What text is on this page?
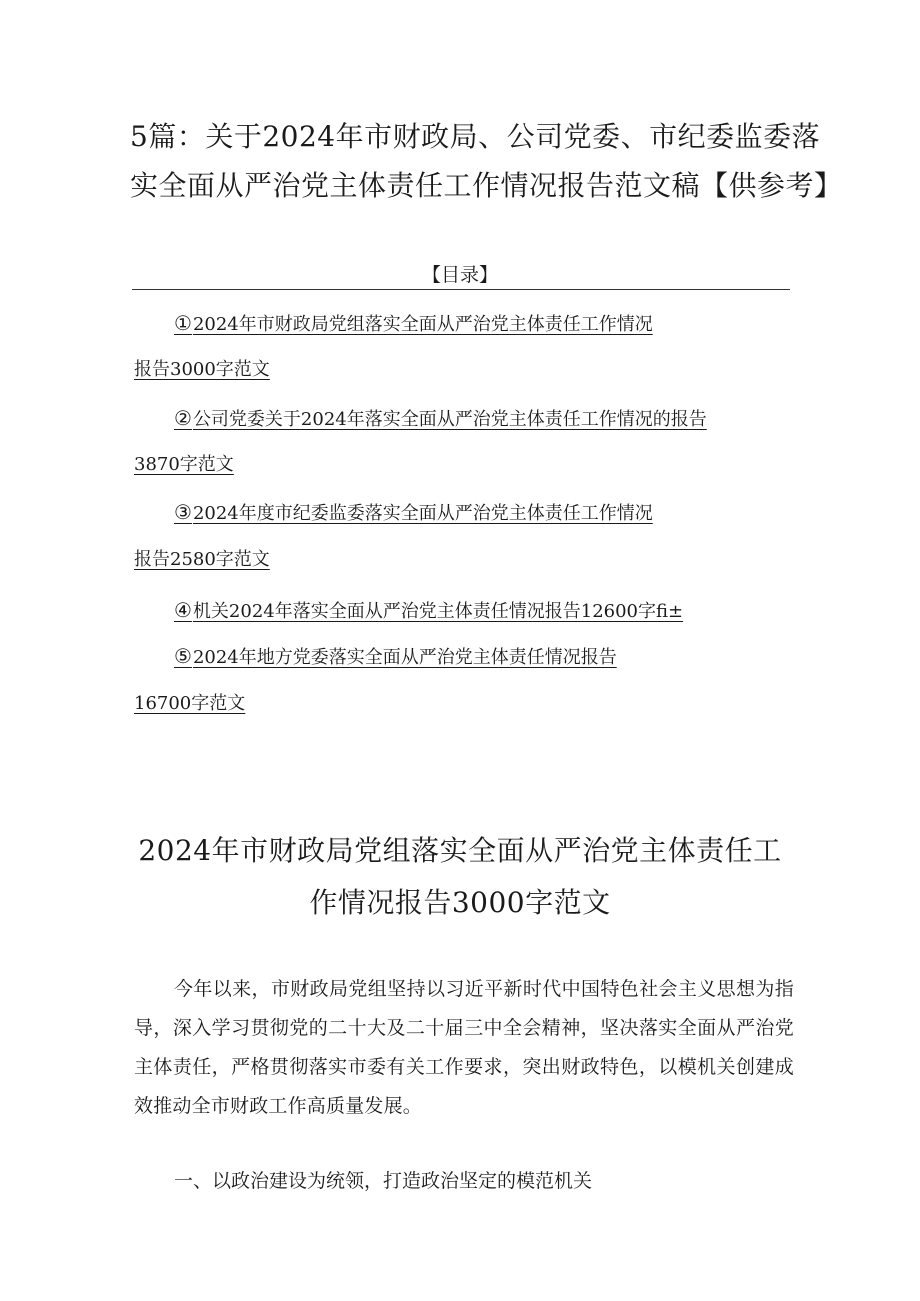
5篇：关于2024年市财政局、公司党委、市纪委监委落
实全面从严治党主体责任工作情况报告范文稿【供参考】

【目录】

①2024年市财政局党组落实全面从严治党主体责任工作情况

报告3000字范文

②公司党委关于2024年落实全面从严治党主体责任工作情况的报告

3870字范文

③2024年度市纪委监委落实全面从严治党主体责任工作情况

报告2580字范文

④机关2024年落实全面从严治党主体责任情况报告12600字fi±

⑤2024年地方党委落实全面从严治党主体责任情况报告

16700字范文

2024年市财政局党组落实全面从严治党主体责任工
作情况报告3000字范文

今年以来，市财政局党组坚持以习近平新时代中国特色社会主义思想为指导，深入学习贯彻党的二十大及二十届三中全会精神，坚决落实全面从严治党主体责任，严格贯彻落实市委有关工作要求，突出财政特色，以模机关创建成效推动全市财政工作高质量发展。

一、以政治建设为统领，打造政治坚定的模范机关
